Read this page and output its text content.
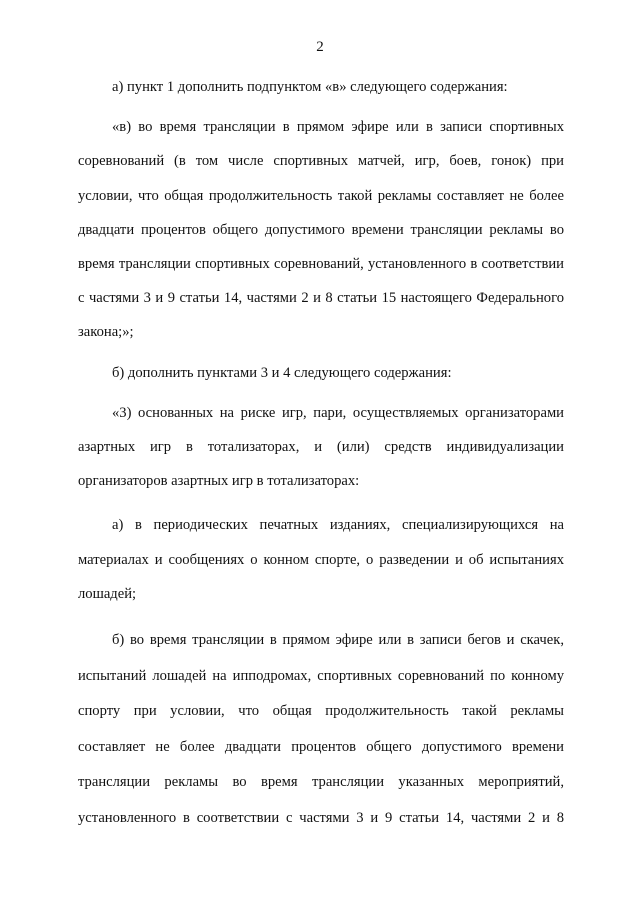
2

а) пункт 1 дополнить подпунктом «в» следующего содержания:

«в) во время трансляции в прямом эфире или в записи спортивных соревнований (в том числе спортивных матчей, игр, боев, гонок) при условии, что общая продолжительность такой рекламы составляет не более двадцати процентов общего допустимого времени трансляции рекламы во время трансляции спортивных соревнований, установленного в соответствии с частями 3 и 9 статьи 14, частями 2 и 8 статьи 15 настоящего Федерального закона;»;

б) дополнить пунктами 3 и 4 следующего содержания:

«3) основанных на риске игр, пари, осуществляемых организаторами азартных игр в тотализаторах, и (или) средств индивидуализации организаторов азартных игр в тотализаторах:

а) в периодических печатных изданиях, специализирующихся на материалах и сообщениях о конном спорте, о разведении и об испытаниях лошадей;

б) во время трансляции в прямом эфире или в записи бегов и скачек,
испытаний лошадей на ипподромах, спортивных соревнований по конному
спорту при условии, что общая продолжительность такой рекламы
составляет не более двадцати процентов общего допустимого времени
трансляции рекламы во время трансляции указанных мероприятий,
установленного в соответствии с частями 3 и 9 статьи 14, частями 2 и 8
